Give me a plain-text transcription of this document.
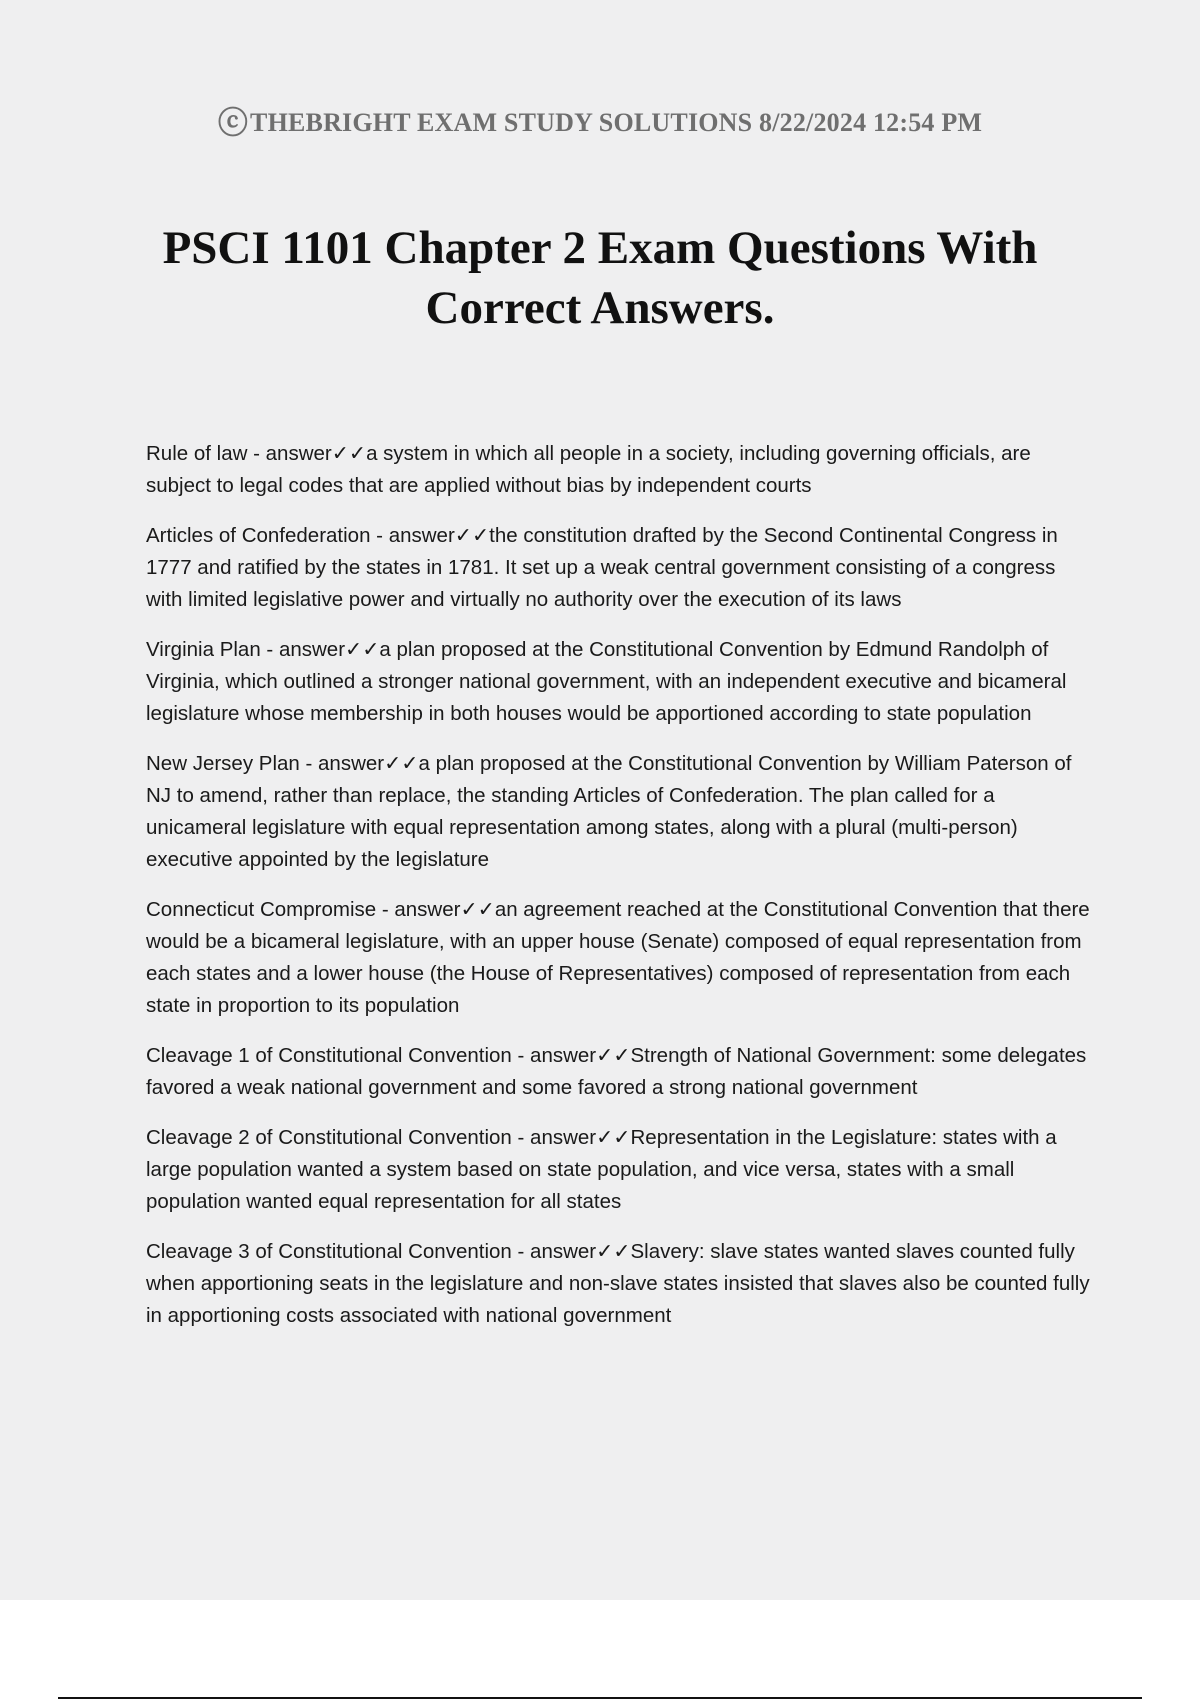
ⓒTHEBRIGHT EXAM STUDY SOLUTIONS 8/22/2024 12:54 PM
PSCI 1101 Chapter 2 Exam Questions With Correct Answers.

Rule of law - answer✓✓a system in which all people in a society, including governing officials, are subject to legal codes that are applied without bias by independent courts

Articles of Confederation - answer✓✓the constitution drafted by the Second Continental Congress in 1777 and ratified by the states in 1781. It set up a weak central government consisting of a congress with limited legislative power and virtually no authority over the execution of its laws

Virginia Plan - answer✓✓a plan proposed at the Constitutional Convention by Edmund Randolph of Virginia, which outlined a stronger national government, with an independent executive and bicameral legislature whose membership in both houses would be apportioned according to state population

New Jersey Plan - answer✓✓a plan proposed at the Constitutional Convention by William Paterson of NJ to amend, rather than replace, the standing Articles of Confederation. The plan called for a unicameral legislature with equal representation among states, along with a plural (multi-person) executive appointed by the legislature

Connecticut Compromise - answer✓✓an agreement reached at the Constitutional Convention that there would be a bicameral legislature, with an upper house (Senate) composed of equal representation from each states and a lower house (the House of Representatives) composed of representation from each state in proportion to its population

Cleavage 1 of Constitutional Convention - answer✓✓Strength of National Government: some delegates favored a weak national government and some favored a strong national government

Cleavage 2 of Constitutional Convention - answer✓✓Representation in the Legislature: states with a large population wanted a system based on state population, and vice versa, states with a small population wanted equal representation for all states

Cleavage 3 of Constitutional Convention - answer✓✓Slavery: slave states wanted slaves counted fully when apportioning seats in the legislature and non-slave states insisted that slaves also be counted fully in apportioning costs associated with national government
